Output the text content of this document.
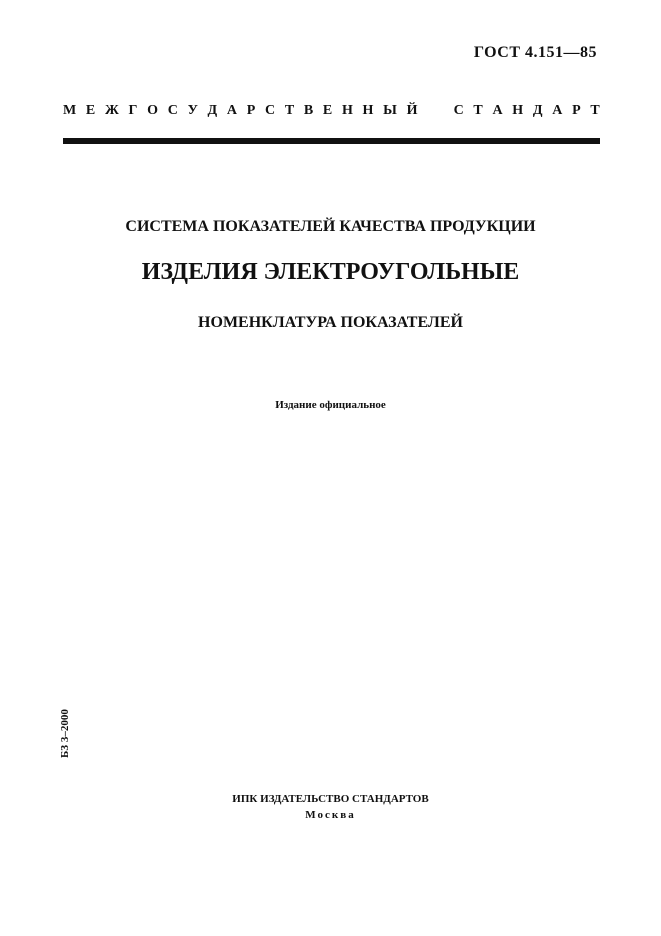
ГОСТ 4.151—85
М Е Ж Г О С У Д А Р С Т В Е Н Н Ы Й

	С Т А Н Д А Р Т
СИСТЕМА ПОКАЗАТЕЛЕЙ КАЧЕСТВА ПРОДУКЦИИ
ИЗДЕЛИЯ ЭЛЕКТРОУГОЛЬНЫЕ
НОМЕНКЛАТУРА ПОКАЗАТЕЛЕЙ
Издание официальное
БЗ 3–2000
ИПК ИЗДАТЕЛЬСТВО СТАНДАРТОВ
Москва
